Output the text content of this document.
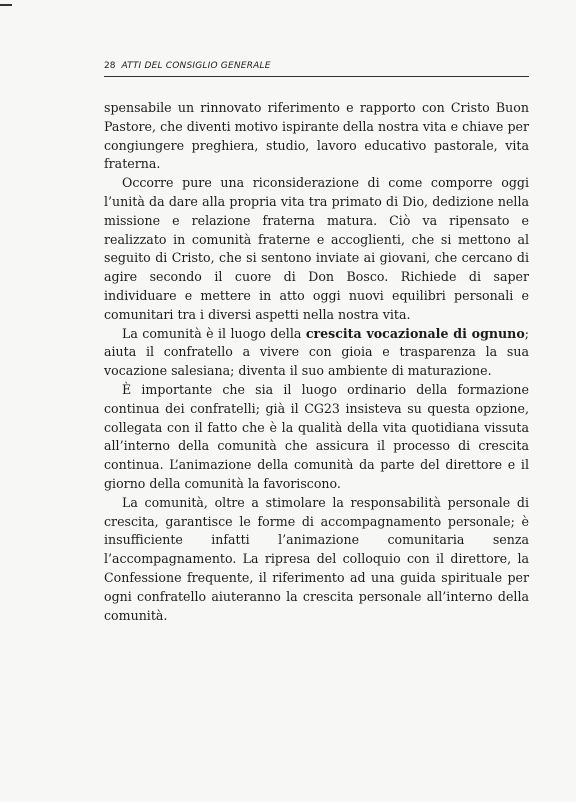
28 ATTI DEL CONSIGLIO GENERALE

spensabile un rinnovato riferimento e rapporto con Cristo Buon Pastore, che diventi motivo ispirante della nostra vita e chiave per congiungere preghiera, studio, lavoro educativo pastorale, vita fraterna.

Occorre pure una riconsiderazione di come comporre oggi l’unità da dare alla propria vita tra primato di Dio, dedizione nella missione e relazione fraterna matura. Ciò va ripensato e realizzato in comunità fraterne e accoglienti, che si mettono al seguito di Cristo, che si sentono inviate ai giovani, che cercano di agire secondo il cuore di Don Bosco. Richiede di saper individuare e mettere in atto oggi nuovi equilibri personali e comunitari tra i diversi aspetti nella nostra vita.

La comunità è il luogo della crescita vocazionale di ognuno; aiuta il confratello a vivere con gioia e trasparenza la sua vocazione salesiana; diventa il suo ambiente di maturazione.

È importante che sia il luogo ordinario della formazione continua dei confratelli; già il CG23 insisteva su questa opzione, collegata con il fatto che è la qualità della vita quotidiana vissuta all’interno della comunità che assicura il processo di crescita continua. L’animazione della comunità da parte del direttore e il giorno della comunità la favoriscono.

La comunità, oltre a stimolare la responsabilità personale di crescita, garantisce le forme di accompagnamento personale; è insufficiente infatti l’animazione comunitaria senza l’accompagnamento. La ripresa del colloquio con il direttore, la Confessione frequente, il riferimento ad una guida spirituale per ogni confratello aiuteranno la crescita personale all’interno della comunità.
